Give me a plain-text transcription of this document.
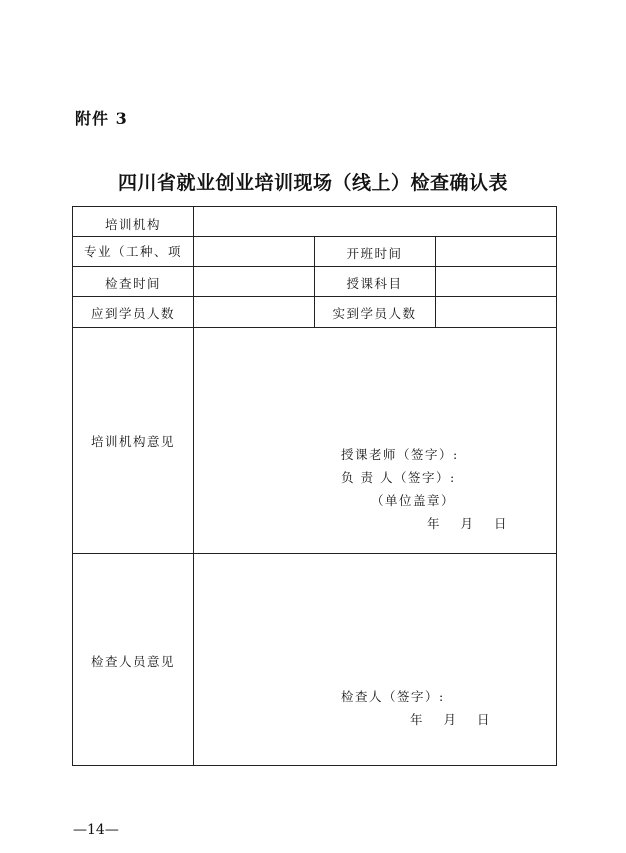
附件 3
四川省就业创业培训现场（线上）检查确认表
培训机构
专业（工种、项	开班时间
检查时间	授课科目
应到学员人数	实到学员人数
培训机构意见
授课老师（签字）:
负 责 人（签字）:
（单位盖章）
年　 月　 日
检查人员意见
检查人（签字）:
年　 月　 日
—14—
